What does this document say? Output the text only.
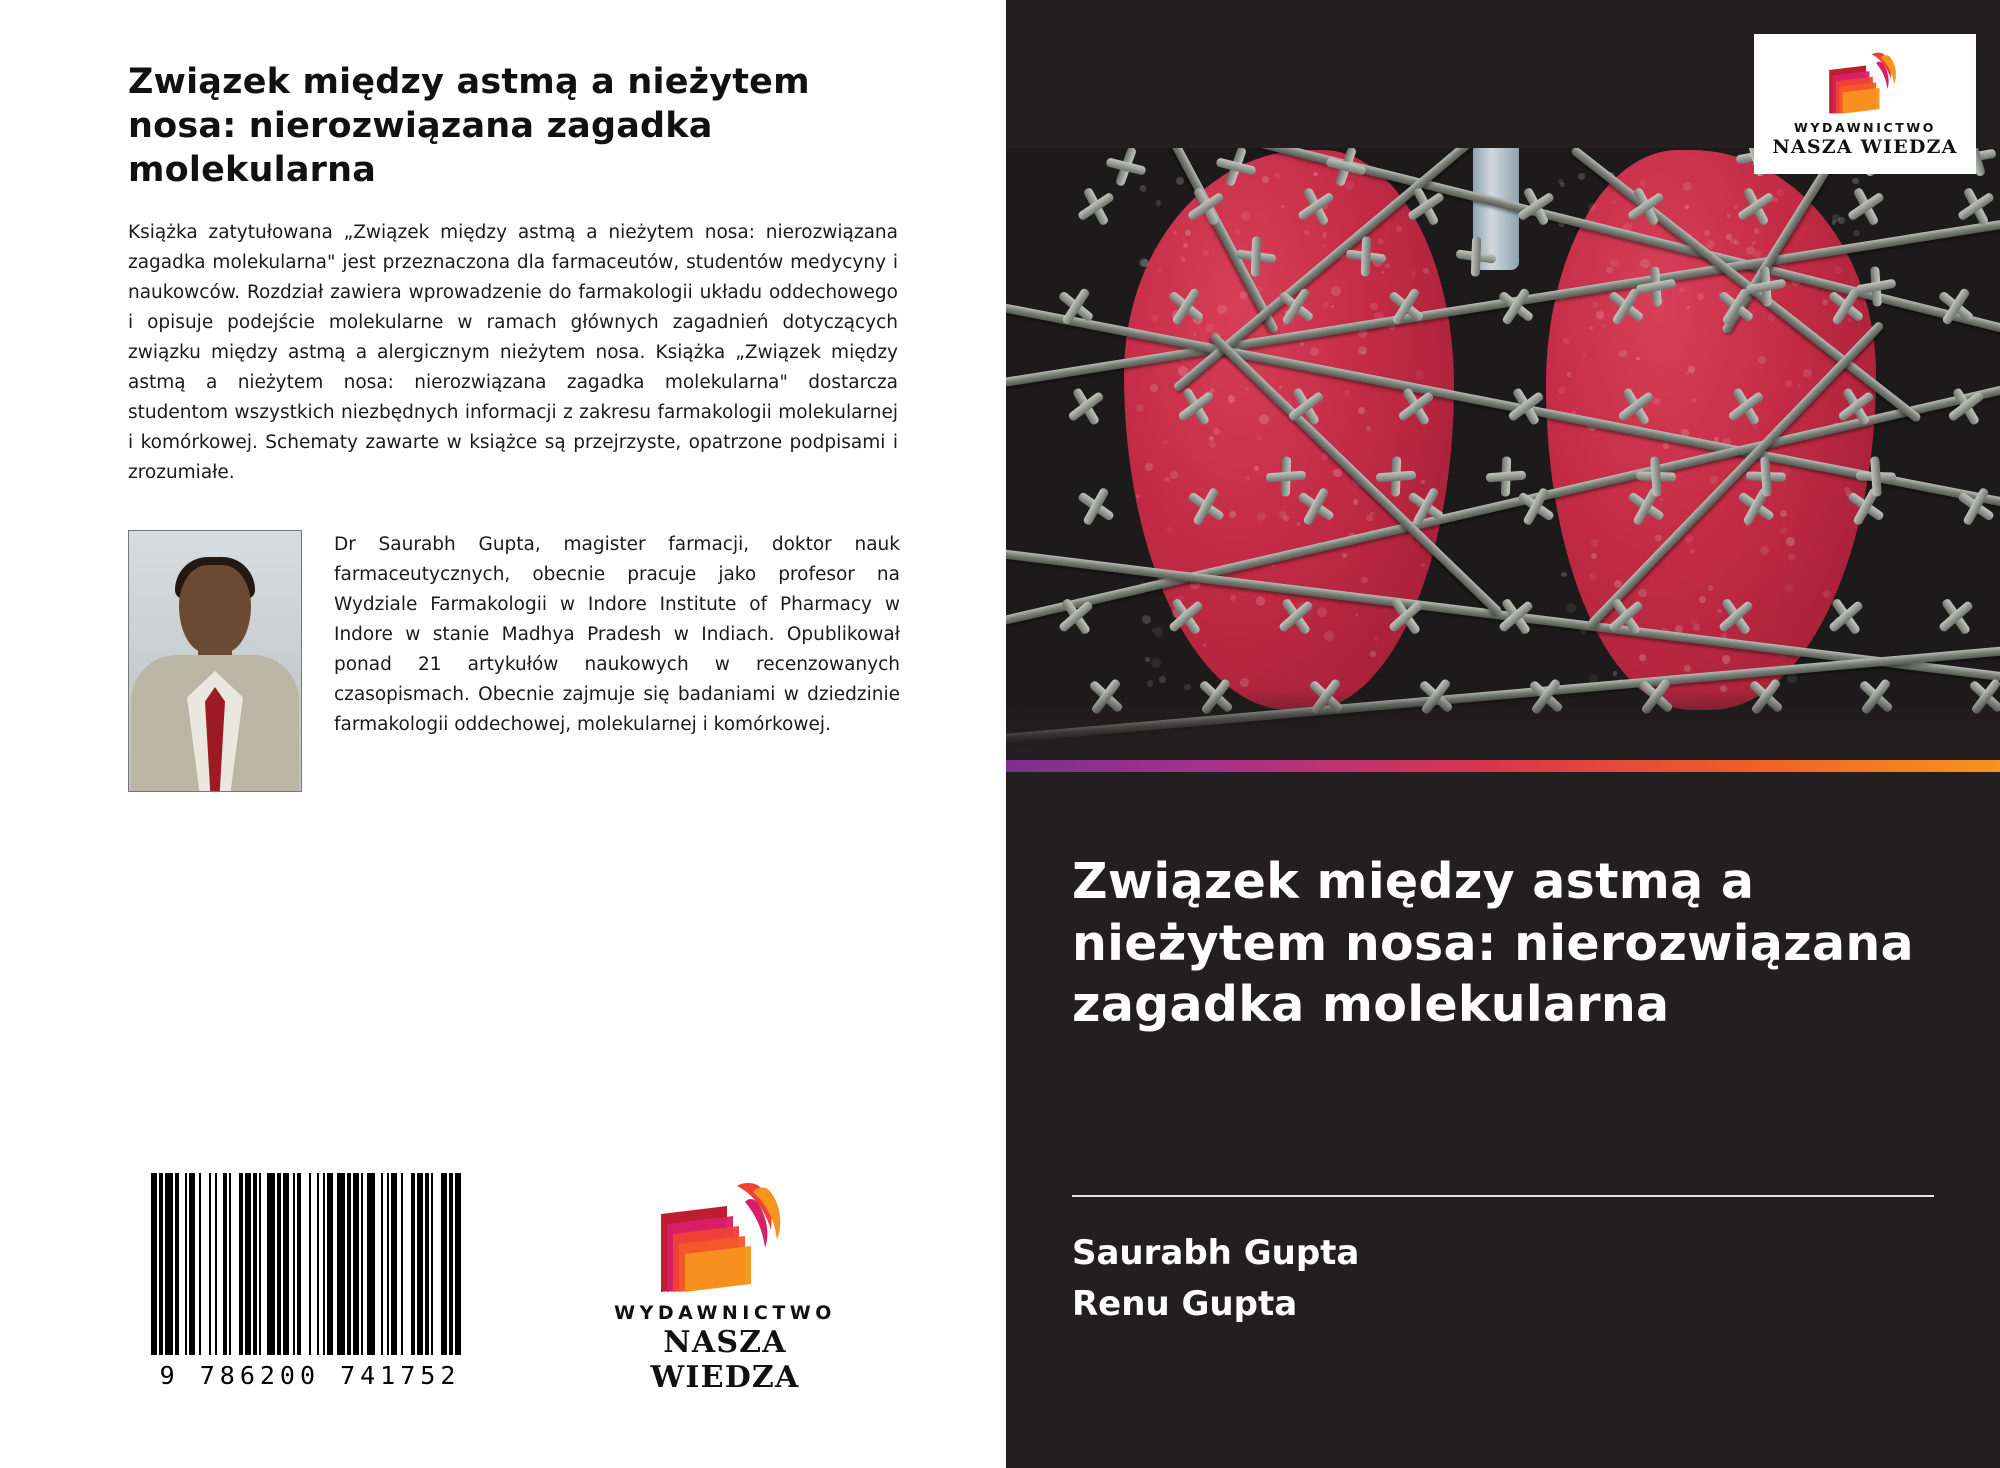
Związek między astmą a nieżytem nosa: nierozwiązana zagadka molekularna

Książka zatytułowana „Związek między astmą a nieżytem nosa: nierozwiązana zagadka molekularna" jest przeznaczona dla farmaceutów, studentów medycyny i naukowców. Rozdział zawiera wprowadzenie do farmakologii układu oddechowego i opisuje podejście molekularne w ramach głównych zagadnień dotyczących związku między astmą a alergicznym nieżytem nosa. Książka „Związek między astmą a nieżytem nosa: nierozwiązana zagadka molekularna" dostarcza studentom wszystkich niezbędnych informacji z zakresu farmakologii molekularnej i komórkowej. Schematy zawarte w książce są przejrzyste, opatrzone podpisami i zrozumiałe.

Dr Saurabh Gupta, magister farmacji, doktor nauk farmaceutycznych, obecnie pracuje jako profesor na Wydziale Farmakologii w Indore Institute of Pharmacy w Indore w stanie Madhya Pradesh w Indiach. Opublikował ponad 21 artykułów naukowych w recenzowanych czasopismach. Obecnie zajmuje się badaniami w dziedzinie farmakologii oddechowej, molekularnej i komórkowej.
9 786200 741752
WYDAWNICTWO
NASZA WIEDZA
WYDAWNICTWO
NASZA WIEDZA
Związek między astmą a nieżytem nosa: nierozwiązana zagadka molekularna
Saurabh Gupta
Renu Gupta
